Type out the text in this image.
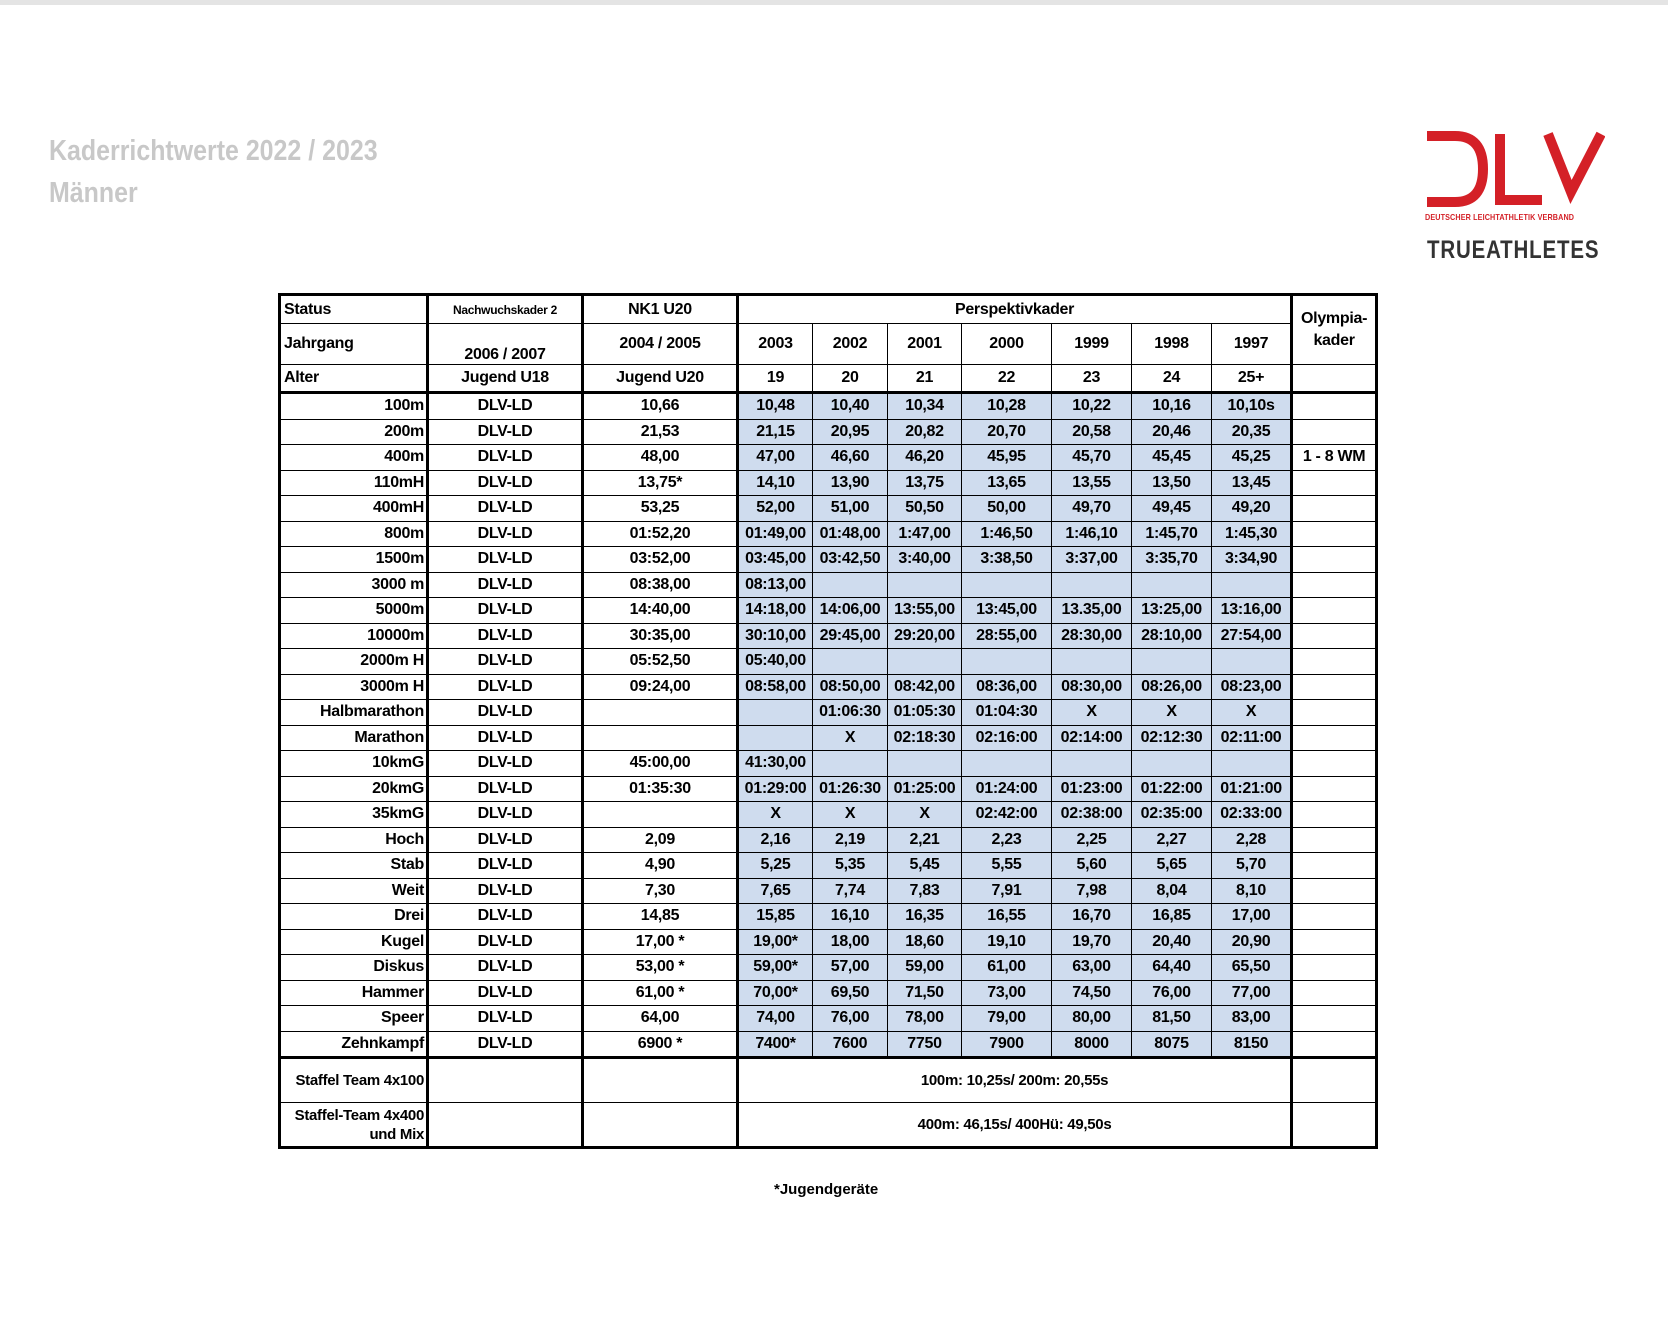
Kaderrichtwerte 2022 / 2023
Männer
DEUTSCHER LEICHTATHLETIK VERBAND
TRUEATHLETES
Status	Nachwuchskader 2	NK1 U20	Perspektivkader							Olympia-
kader
Jahrgang	2006 / 2007	2004 / 2005	2003	2002	2001	2000	1999	1998	1997	
Alter	Jugend U18	Jugend U20	19	20	21	22	23	24	25+	
100m	DLV-LD	10,66	10,48	10,40	10,34	10,28	10,22	10,16	10,10s	
200m	DLV-LD	21,53	21,15	20,95	20,82	20,70	20,58	20,46	20,35	
400m	DLV-LD	48,00	47,00	46,60	46,20	45,95	45,70	45,45	45,25	1 - 8 WM
110mH	DLV-LD	13,75*	14,10	13,90	13,75	13,65	13,55	13,50	13,45	
400mH	DLV-LD	53,25	52,00	51,00	50,50	50,00	49,70	49,45	49,20	
800m	DLV-LD	01:52,20	01:49,00	01:48,00	1:47,00	1:46,50	1:46,10	1:45,70	1:45,30	
1500m	DLV-LD	03:52,00	03:45,00	03:42,50	3:40,00	3:38,50	3:37,00	3:35,70	3:34,90	
3000 m	DLV-LD	08:38,00	08:13,00							
5000m	DLV-LD	14:40,00	14:18,00	14:06,00	13:55,00	13:45,00	13.35,00	13:25,00	13:16,00	
10000m	DLV-LD	30:35,00	30:10,00	29:45,00	29:20,00	28:55,00	28:30,00	28:10,00	27:54,00	
2000m H	DLV-LD	05:52,50	05:40,00							
3000m H	DLV-LD	09:24,00	08:58,00	08:50,00	08:42,00	08:36,00	08:30,00	08:26,00	08:23,00	
Halbmarathon	DLV-LD			01:06:30	01:05:30	01:04:30	X	X	X	
Marathon	DLV-LD			X	02:18:30	02:16:00	02:14:00	02:12:30	02:11:00	
10kmG	DLV-LD	45:00,00	41:30,00							
20kmG	DLV-LD	01:35:30	01:29:00	01:26:30	01:25:00	01:24:00	01:23:00	01:22:00	01:21:00	
35kmG	DLV-LD		X	X	X	02:42:00	02:38:00	02:35:00	02:33:00	
Hoch	DLV-LD	2,09	2,16	2,19	2,21	2,23	2,25	2,27	2,28	
Stab	DLV-LD	4,90	5,25	5,35	5,45	5,55	5,60	5,65	5,70	
Weit	DLV-LD	7,30	7,65	7,74	7,83	7,91	7,98	8,04	8,10	
Drei	DLV-LD	14,85	15,85	16,10	16,35	16,55	16,70	16,85	17,00	
Kugel	DLV-LD	17,00 *	19,00*	18,00	18,60	19,10	19,70	20,40	20,90	
Diskus	DLV-LD	53,00 *	59,00*	57,00	59,00	61,00	63,00	64,40	65,50	
Hammer	DLV-LD	61,00 *	70,00*	69,50	71,50	73,00	74,50	76,00	77,00	
Speer	DLV-LD	64,00	74,00	76,00	78,00	79,00	80,00	81,50	83,00	
Zehnkampf	DLV-LD	6900 *	7400*	7600	7750	7900	8000	8075	8150	
Staffel Team 4x100			100m: 10,25s/ 200m: 20,55s							
Staffel-Team 4x400
und Mix			400m: 46,15s/ 400Hü: 49,50s							
*Jugendgeräte
